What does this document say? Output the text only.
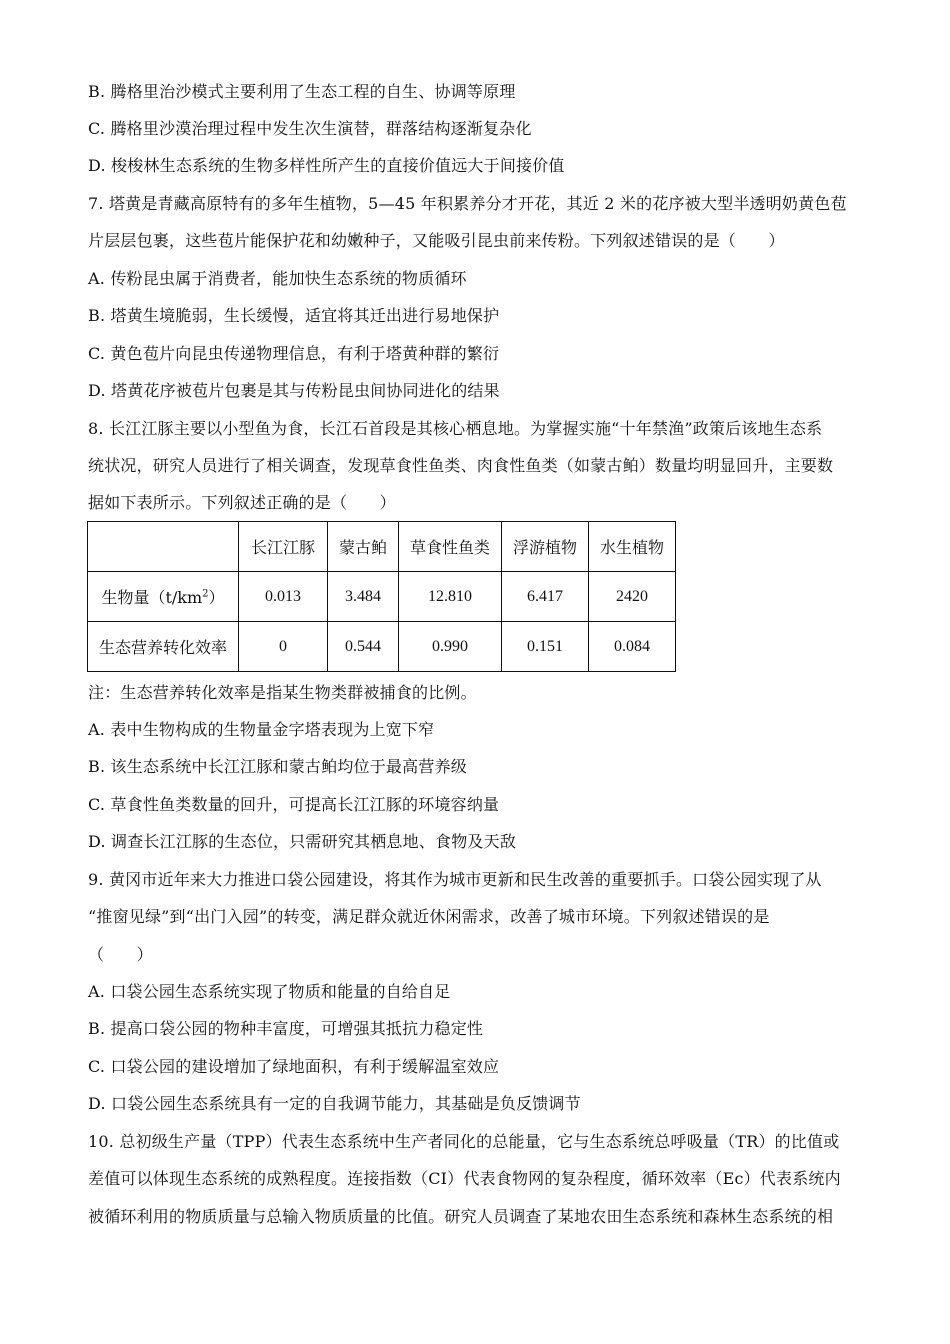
B. 腾格里治沙模式主要利用了生态工程的自生、协调等原理
C. 腾格里沙漠治理过程中发生次生演替，群落结构逐渐复杂化
D. 梭梭林生态系统的生物多样性所产生的直接价值远大于间接价值
7. 塔黄是青藏高原特有的多年生植物，5—45 年积累养分才开花，其近 2 米的花序被大型半透明奶黄色苞
片层层包裹，这些苞片能保护花和幼嫩种子，又能吸引昆虫前来传粉。下列叙述错误的是（　　）
A. 传粉昆虫属于消费者，能加快生态系统的物质循环
B. 塔黄生境脆弱，生长缓慢，适宜将其迁出进行易地保护
C. 黄色苞片向昆虫传递物理信息，有利于塔黄种群的繁衍
D. 塔黄花序被苞片包裹是其与传粉昆虫间协同进化的结果
8. 长江江豚主要以小型鱼为食，长江石首段是其核心栖息地。为掌握实施“十年禁渔”政策后该地生态系
统状况，研究人员进行了相关调查，发现草食性鱼类、肉食性鱼类（如蒙古鲌）数量均明显回升，主要数
据如下表所示。下列叙述正确的是（　　）
	长江江豚	蒙古鲌	草食性鱼类	浮游植物	水生植物
生物量$(t/km^2)$	0.013	3.484	12.810	6.417	2420
生态营养转化效率	0	0.544	0.990	0.151	0.084
注：生态营养转化效率是指某生物类群被捕食的比例。
A. 表中生物构成的生物量金字塔表现为上宽下窄
B. 该生态系统中长江江豚和蒙古鲌均位于最高营养级
C. 草食性鱼类数量的回升，可提高长江江豚的环境容纳量
D. 调查长江江豚的生态位，只需研究其栖息地、食物及天敌
9. 黄冈市近年来大力推进口袋公园建设，将其作为城市更新和民生改善的重要抓手。口袋公园实现了从
“推窗见绿”到“出门入园”的转变，满足群众就近休闲需求，改善了城市环境。下列叙述错误的是
（　　）
A. 口袋公园生态系统实现了物质和能量的自给自足
B. 提高口袋公园的物种丰富度，可增强其抵抗力稳定性
C. 口袋公园的建设增加了绿地面积，有利于缓解温室效应
D. 口袋公园生态系统具有一定的自我调节能力，其基础是负反馈调节
10. 总初级生产量（TPP）代表生态系统中生产者同化的总能量，它与生态系统总呼吸量（TR）的比值或
差值可以体现生态系统的成熟程度。连接指数（CI）代表食物网的复杂程度，循环效率（Ec）代表系统内
被循环利用的物质质量与总输入物质质量的比值。研究人员调查了某地农田生态系统和森林生态系统的相
